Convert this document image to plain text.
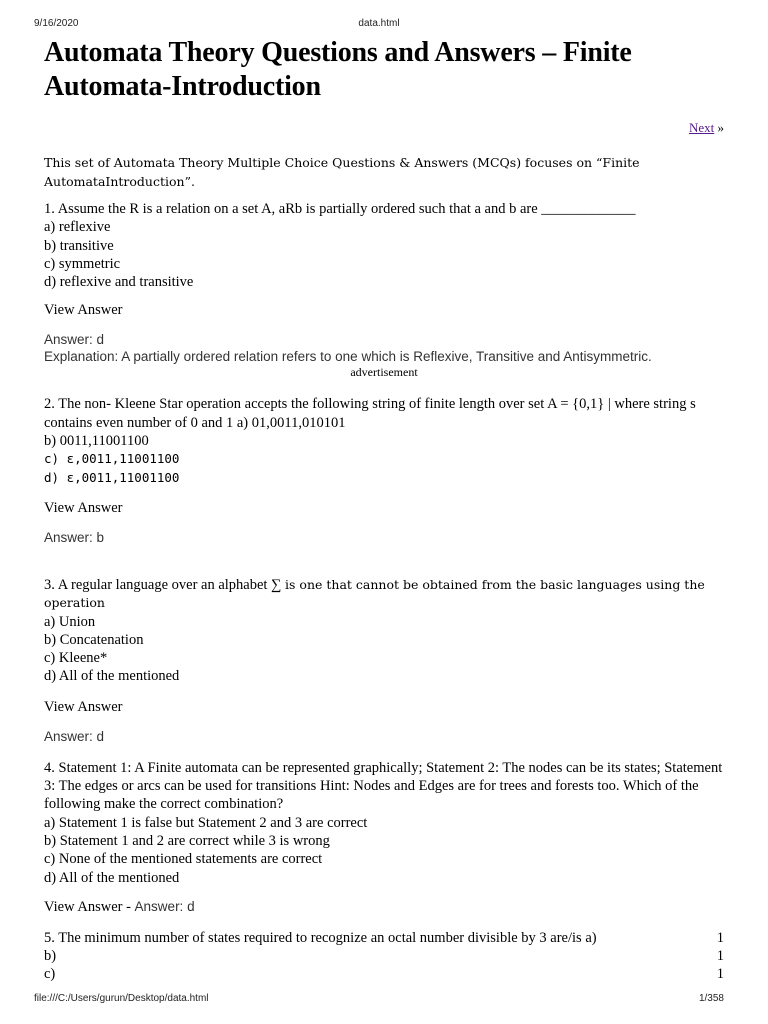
9/16/2020	data.html
Automata Theory Questions and Answers – Finite Automata-Introduction
Next »
This set of Automata Theory Multiple Choice Questions & Answers (MCQs) focuses on “Finite AutomataIntroduction”.
1. Assume the R is a relation on a set A, aRb is partially ordered such that a and b are _____________
a) reflexive
b) transitive
c) symmetric
d) reflexive and transitive
View Answer
Answer: d
Explanation: A partially ordered relation refers to one which is Reflexive, Transitive and Antisymmetric.
advertisement
2. The non- Kleene Star operation accepts the following string of finite length over set A = {0,1} | where string s contains even number of 0 and 1 a) 01,0011,010101
b) 0011,11001100
c) ε,0011,11001100
d) ε,0011,11001100
View Answer
Answer: b
3. A regular language over an alphabet ∑ is one that cannot be obtained from the basic languages using the operation
a) Union
b) Concatenation
c) Kleene*
d) All of the mentioned
View Answer
Answer: d
4. Statement 1: A Finite automata can be represented graphically; Statement 2: The nodes can be its states; Statement 3: The edges or arcs can be used for transitions Hint: Nodes and Edges are for trees and forests too. Which of the following make the correct combination?
a) Statement 1 is false but Statement 2 and 3 are correct
b) Statement 1 and 2 are correct while 3 is wrong
c) None of the mentioned statements are correct
d) All of the mentioned
View Answer - Answer: d
5. The minimum number of states required to recognize an octal number divisible by 3 are/is a)	1
b)	1
c)	1
file:///C:/Users/gurun/Desktop/data.html	1/358
